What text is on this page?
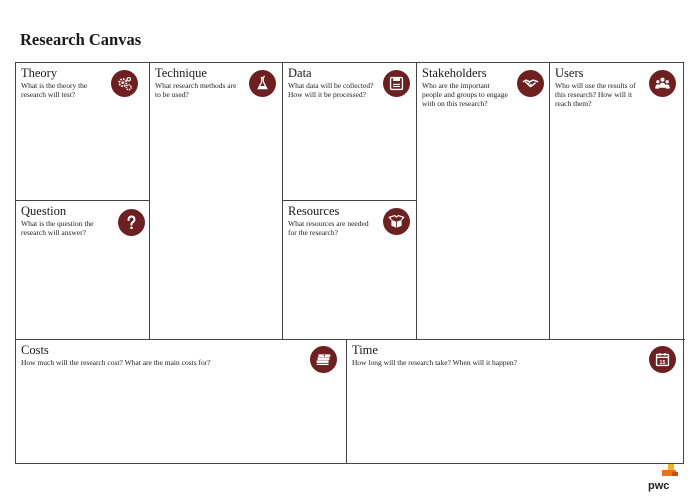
Research Canvas
Theory
What is the theory the research will test?
Technique
What research methods are to be used?
Data
What data will be collected? How will it be processed?
Stakeholders
Who are the important people and groups to engage with on this research?
Users
Who will use the results of this research? How will it reach them?
Question
What is the question the research will answer?
Resources
What resources are needed for the research?
Costs
How much will the research cost? What are the main costs for?
Time
How long will the research take? When will it happen?	15
pwc
